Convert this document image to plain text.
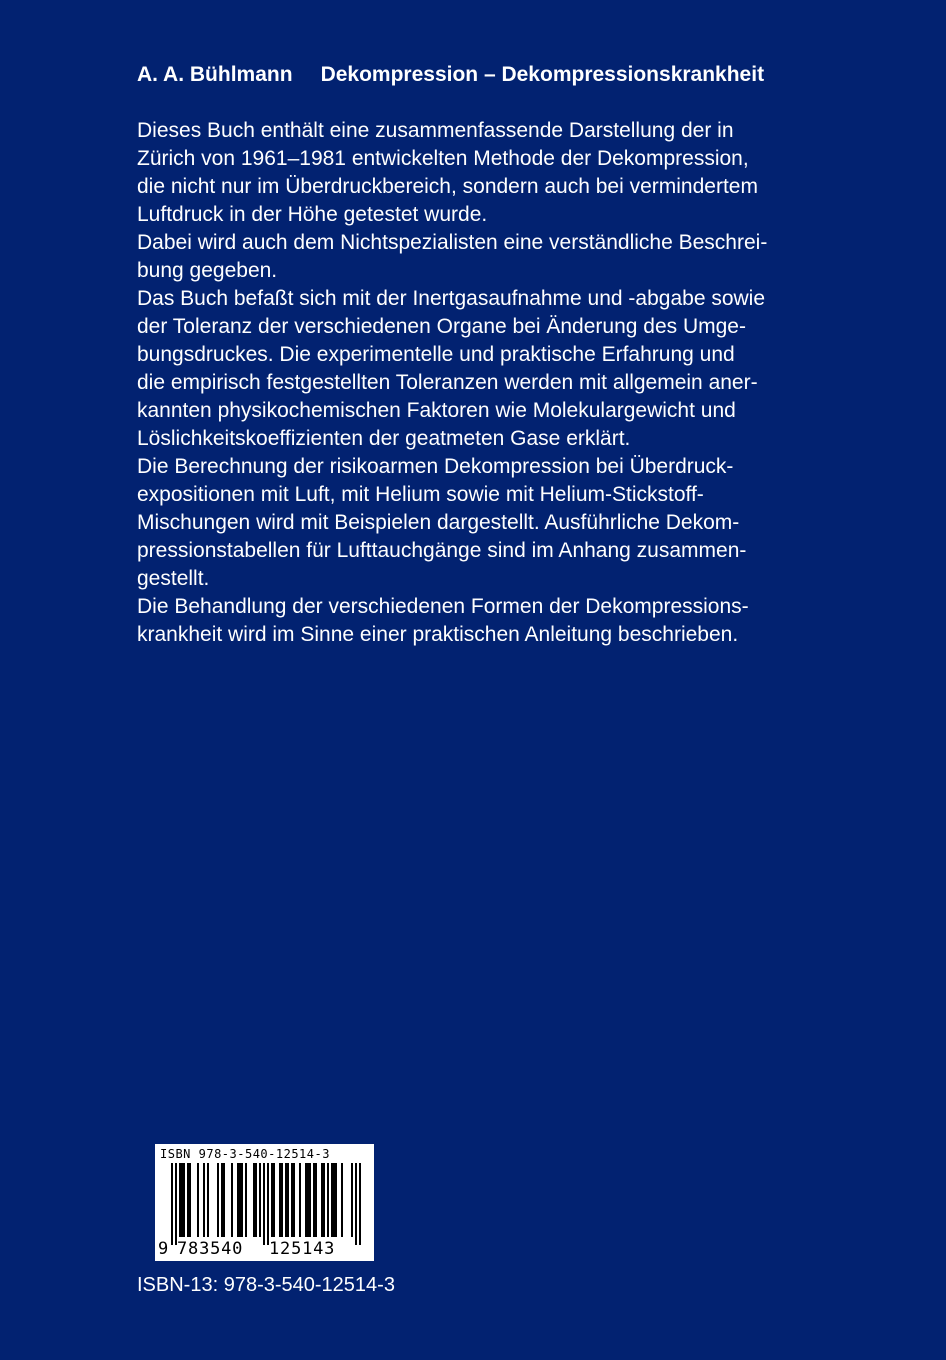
A. A. Bühlmann Dekompression – Dekompressionskrankheit
Dieses Buch enthält eine zusammenfassende Darstellung der in
Zürich von 1961–1981 entwickelten Methode der Dekompression,
die nicht nur im Überdruckbereich, sondern auch bei vermindertem
Luftdruck in der Höhe getestet wurde.
Dabei wird auch dem Nichtspezialisten eine verständliche Beschrei-
bung gegeben.
Das Buch befaßt sich mit der Inertgasaufnahme und -abgabe sowie
der Toleranz der verschiedenen Organe bei Änderung des Umge-
bungsdruckes. Die experimentelle und praktische Erfahrung und
die empirisch festgestellten Toleranzen werden mit allgemein aner-
kannten physikochemischen Faktoren wie Molekulargewicht und
Löslichkeitskoeffizienten der geatmeten Gase erklärt.
Die Berechnung der risikoarmen Dekompression bei Überdruck-
expositionen mit Luft, mit Helium sowie mit Helium-Stickstoff-
Mischungen wird mit Beispielen dargestellt. Ausführliche Dekom-
pressionstabellen für Lufttauchgänge sind im Anhang zusammen-
gestellt.
Die Behandlung der verschiedenen Formen der Dekompressions-
krankheit wird im Sinne einer praktischen Anleitung beschrieben.
ISBN 978-3-540-12514-3
9 783540 125143
ISBN-13: 978-3-540-12514-3
